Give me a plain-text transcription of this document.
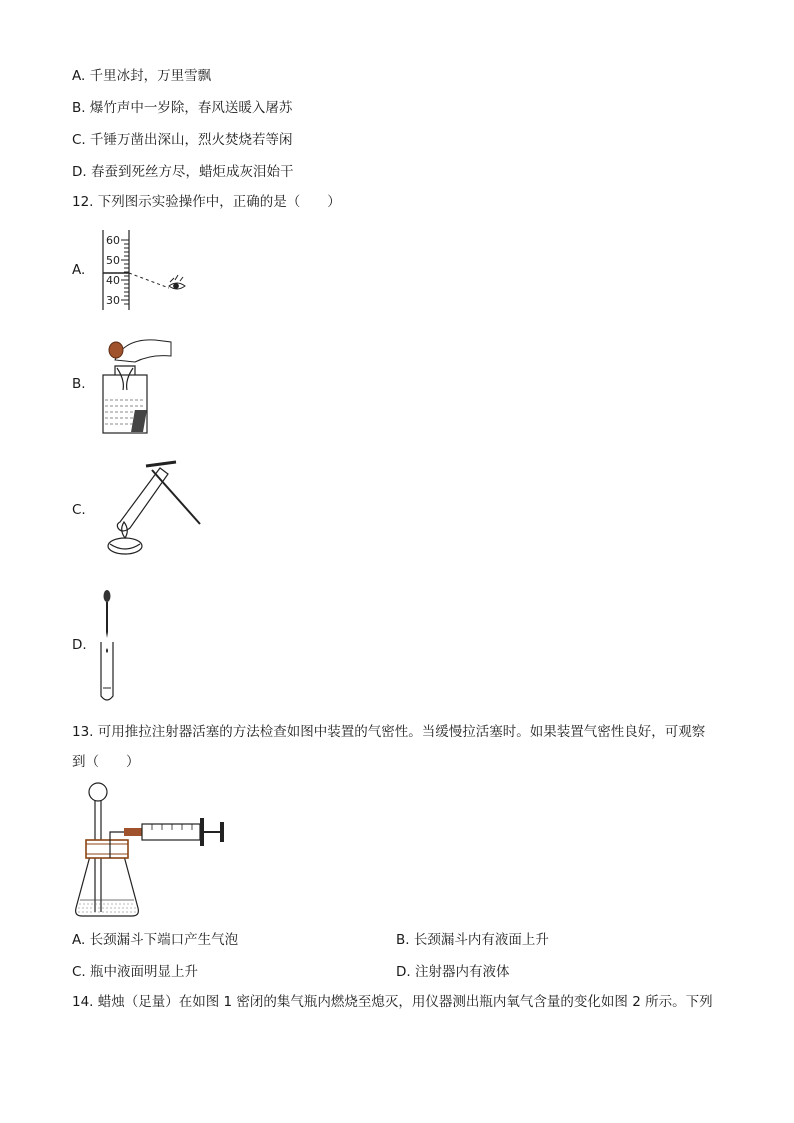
A. 千里冰封，万里雪飘
B. 爆竹声中一岁除，春风送暖入屠苏
C. 千锤万凿出深山，烈火焚烧若等闲
D. 春蚕到死丝方尽，蜡炬成灰泪始干
12. 下列图示实验操作中，正确的是（　　）
A.
60
50
40
30
B.
C.
D.
13. 可用推拉注射器活塞的方法检查如图中装置的气密性。当缓慢拉活塞时。如果装置气密性良好，可观察
到（　　）
A. 长颈漏斗下端口产生气泡	B. 长颈漏斗内有液面上升
C. 瓶中液面明显上升	D. 注射器内有液体
14. 蜡烛（足量）在如图 1 密闭的集气瓶内燃烧至熄灭，用仪器测出瓶内氧气含量的变化如图 2 所示。下列
